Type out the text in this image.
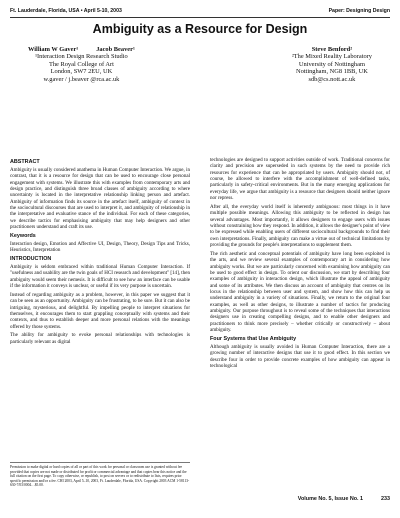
Ft. Lauderdale, Florida, USA • April 5-10, 2003	Paper: Designing Design
Ambiguity as a Resource for Design
William W Gaver¹	Jacob Beaver¹
¹Interaction Design Research Studio
The Royal College of Art
London, SW7 2EU, UK
w.gaver / j.beaver @rca.ac.uk
Steve Benford²
²The Mixed Reality Laboratory
University of Nottingham
Nottingham, NG8 1BB, UK
sdb@cs.nott.ac.uk
ABSTRACT

Ambiguity is usually considered anathema in Human Computer Interaction. We argue, in contrast, that it is a resource for design that can be used to encourage close personal engagement with systems. We illustrate this with examples from contemporary arts and design practice, and distinguish three broad classes of ambiguity according to where uncertainty is located in the interpretative relationship linking person and artefact. Ambiguity of information finds its source in the artefact itself, ambiguity of context in the sociocultural discourses that are used to interpret it, and ambiguity of relationship in the interpretative and evaluative stance of the individual. For each of these categories, we describe tactics for emphasising ambiguity that may help designers and other practitioners understand and craft its use.

Keywords

Interaction design, Emotion and Affective UI, Design, Theory, Design Tips and Tricks, Heuristics, Interpretation

INTRODUCTION

Ambiguity is seldom embraced within traditional Human Computer Interaction. If "usefulness and usability are the twin goals of HCI research and development" [14], then ambiguity would seem their nemesis. It is difficult to see how an interface can be usable if the information it conveys is unclear, or useful if its very purpose is uncertain.

Instead of regarding ambiguity as a problem, however, in this paper we suggest that it can be seen as an opportunity. Ambiguity can be frustrating, to be sure. But it can also be intriguing, mysterious, and delightful. By impelling people to interpret situations for themselves, it encourages them to start grappling conceptually with systems and their contexts, and thus to establish deeper and more personal relations with the meanings offered by those systems.

The ability for ambiguity to evoke personal relationships with technologies is particularly relevant as digital

Permission to make digital or hard copies of all or part of this work for personal or classroom use is granted without fee provided that copies are not made or distributed for profit or commercial advantage and that copies bear this notice and the full citation on the first page. To copy otherwise, or republish, to post on servers or to redistribute to lists, requires prior specific permission and/or a fee. CHI 2003, April 5–10, 2003, Ft. Lauderdale, Florida, USA. Copyright 2003 ACM 1-58113-630-7/03/0004…$5.00.

technologies are designed to support activities outside of work. Traditional concerns for clarity and precision are superseded in such systems by the need to provide rich resources for experience that can be appropriated by users. Ambiguity should not, of course, be allowed to interfere with the accomplishment of well-defined tasks, particularly in safety-critical environments. But in the many emerging applications for everyday life, we argue that ambiguity is a resource that designers should neither ignore nor repress.

After all, the everyday world itself is inherently ambiguous: most things in it have multiple possible meanings. Allowing this ambiguity to be reflected in design has several advantages. Most importantly, it allows designers to engage users with issues without constraining how they respond. In addition, it allows the designer's point of view to be expressed while enabling users of different sociocultural backgrounds to find their own interpretations. Finally, ambiguity can make a virtue out of technical limitations by providing the grounds for people's interpretations to supplement them.

The rich aesthetic and conceptual potentials of ambiguity have long been exploited in the arts, and we review several examples of contemporary art in considering how ambiguity works. But we are particularly concerned with examining how ambiguity can be used to good effect in design. To orient our discussion, we start by describing four examples of ambiguity in interaction design, which illustrate the appeal of ambiguity and some of its attributes. We then discuss an account of ambiguity that centres on its locus in the relationship between user and system, and show how this can help us understand ambiguity in a variety of situations. Finally, we return to the original four examples, as well as other designs, to illustrate a number of tactics for producing ambiguity. Our purpose throughout is to reveal some of the techniques that interactions designers use in creating compelling designs, and to enable other designers and practitioners to think more precisely – whether critically or constructively – about ambiguity.

Four Systems that Use Ambiguity

Although ambiguity is usually avoided in Human Computer Interaction, there are a growing number of interactive designs that use it to good effect. In this section we describe four in order to provide concrete examples of how ambiguity can appear in technological

Volume No. 5, Issue No. 1	233
